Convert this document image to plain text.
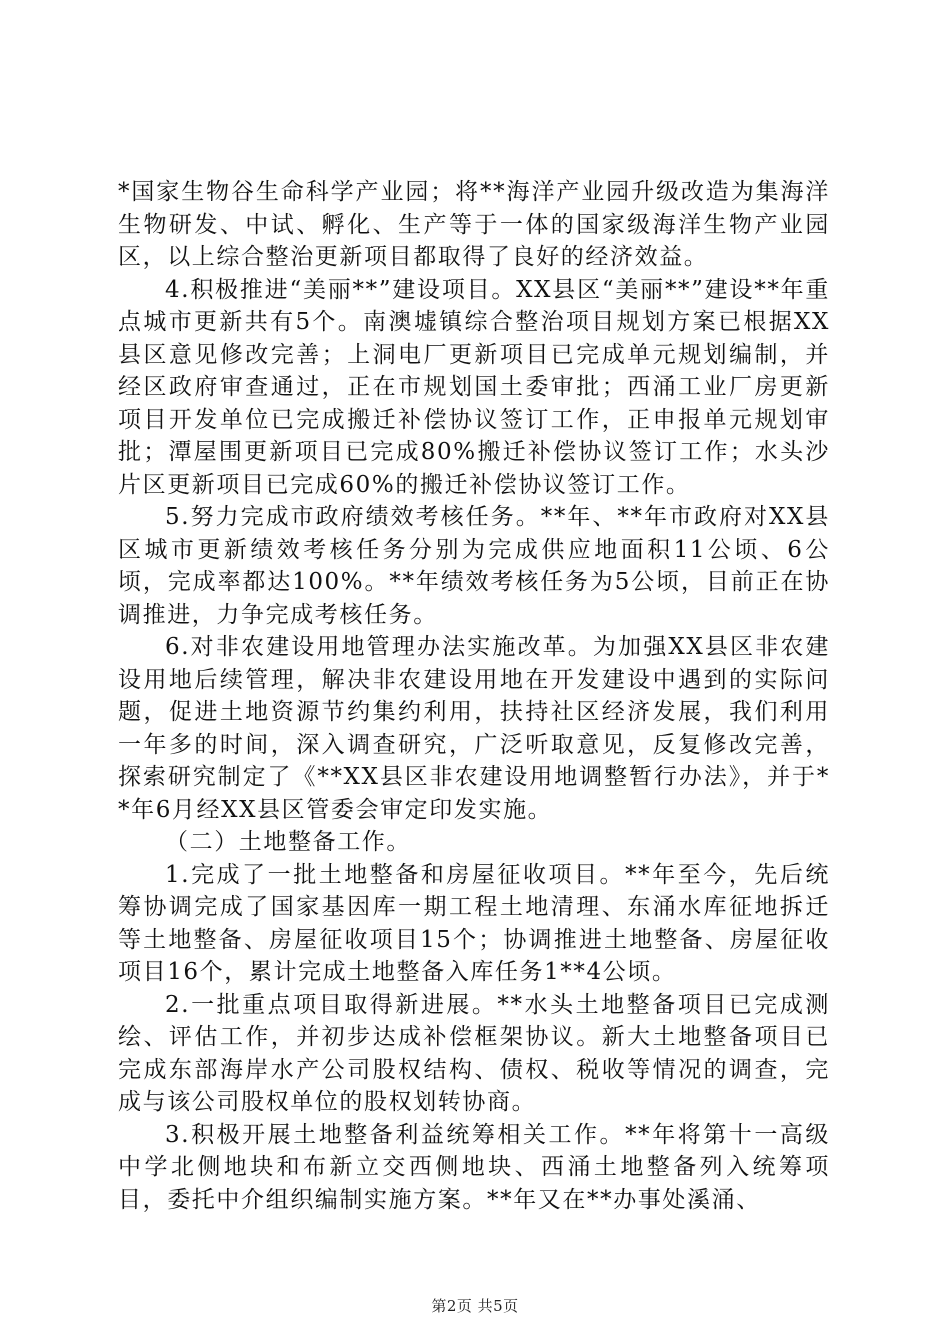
*国家生物谷生命科学产业园；将**海洋产业园升级改造为集海洋生物研发、中试、孵化、生产等于一体的国家级海洋生物产业园区，以上综合整治更新项目都取得了良好的经济效益。

4.积极推进“美丽**”建设项目。XX县区“美丽**”建设**年重点城市更新共有5个。南澳墟镇综合整治项目规划方案已根据XX县区意见修改完善；上洞电厂更新项目已完成单元规划编制，并经区政府审查通过，正在市规划国土委审批；西涌工业厂房更新项目开发单位已完成搬迁补偿协议签订工作，正申报单元规划审批；潭屋围更新项目已完成80%搬迁补偿协议签订工作；水头沙片区更新项目已完成60%的搬迁补偿协议签订工作。

5.努力完成市政府绩效考核任务。**年、**年市政府对XX县区城市更新绩效考核任务分别为完成供应地面积11公顷、6公顷，完成率都达100%。**年绩效考核任务为5公顷，目前正在协调推进，力争完成考核任务。

6.对非农建设用地管理办法实施改革。为加强XX县区非农建设用地后续管理，解决非农建设用地在开发建设中遇到的实际问题，促进土地资源节约集约利用，扶持社区经济发展，我们利用一年多的时间，深入调查研究，广泛听取意见，反复修改完善，探索研究制定了《**XX县区非农建设用地调整暂行办法》，并于**年6月经XX县区管委会审定印发实施。

（二）土地整备工作。

1.完成了一批土地整备和房屋征收项目。**年至今，先后统筹协调完成了国家基因库一期工程土地清理、东涌水库征地拆迁等土地整备、房屋征收项目15个；协调推进土地整备、房屋征收项目16个，累计完成土地整备入库任务1**4公顷。

2.一批重点项目取得新进展。**水头土地整备项目已完成测绘、评估工作，并初步达成补偿框架协议。新大土地整备项目已完成东部海岸水产公司股权结构、债权、税收等情况的调查，完成与该公司股权单位的股权划转协商。

3.积极开展土地整备利益统筹相关工作。**年将第十一高级中学北侧地块和布新立交西侧地块、西涌土地整备列入统筹项目，委托中介组织编制实施方案。**年又在**办事处溪涌、

第2页 共5页
